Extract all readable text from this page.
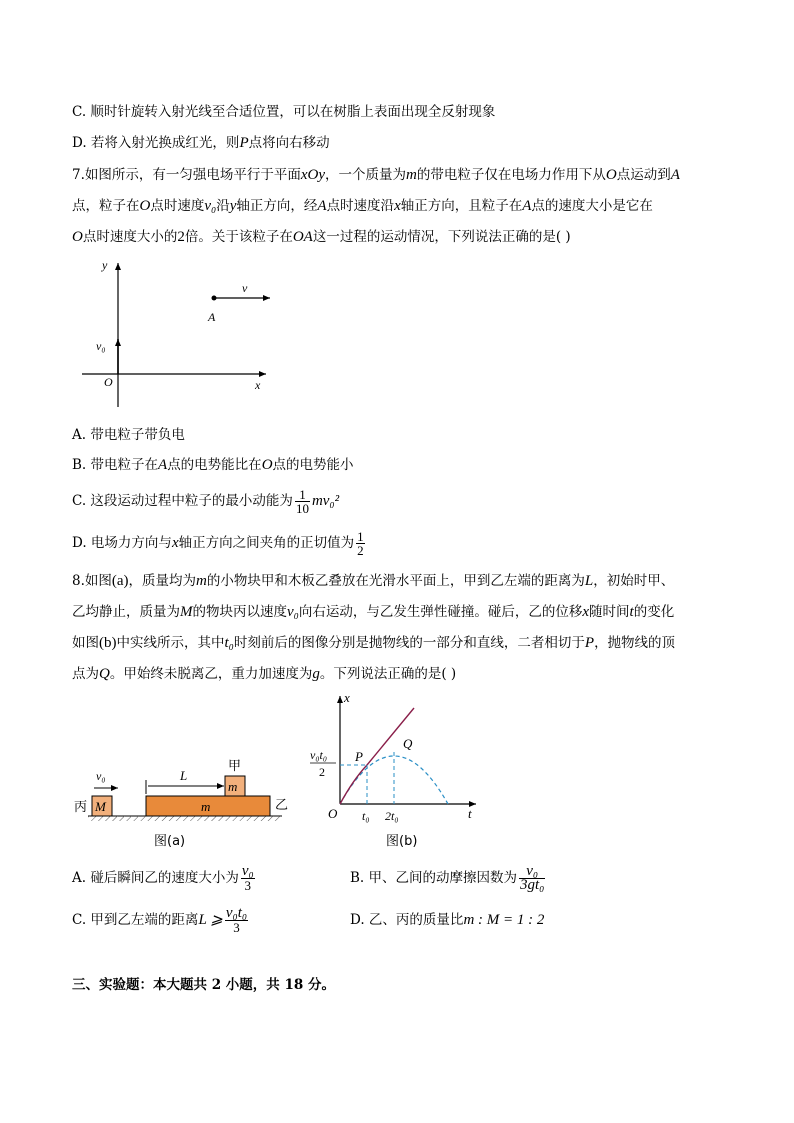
C. 顺时针旋转入射光线至合适位置，可以在树脂上表面出现全反射现象
D. 若将入射光换成红光，则P点将向右移动
7.如图所示，有一匀强电场平行于平面xOy，一个质量为m的带电粒子仅在电场力作用下从O点运动到A
点，粒子在O点时速度v₀沿y轴正方向，经A点时速度沿x轴正方向，且粒子在A点的速度大小是它在
O点时速度大小的2倍。关于该粒子在OA这一过程的运动情况，下列说法正确的是( )
y
v
A
v₀
O	x
A. 带电粒子带负电
B. 带电粒子在A点的电势能比在O点的电势能小
C. 这段运动过程中粒子的最小动能为 $\frac{1}{10} mv_0^2$
D. 电场力方向与x轴正方向之间夹角的正切值为 $\frac{1}{2}$
8.如图(a)，质量均为m的小物块甲和木板乙叠放在光滑水平面上，甲到乙左端的距离为L，初始时甲、
乙均静止，质量为M的物块丙以速度v₀向右运动，与乙发生弹性碰撞。碰后，乙的位移x随时间t的变化
如图(b)中实线所示，其中t₀时刻前后的图像分别是抛物线的一部分和直线，二者相切于P，抛物线的顶
点为Q。甲始终未脱离乙，重力加速度为g。下列说法正确的是( )
v₀	L
甲
m
m
丙 M	乙
图(a)
x
P
Q
v₀t₀
2
O t₀ 2t₀	t
图(b)
A. 碰后瞬间乙的速度大小为 $\frac{\text{v₀}}{3}$	B. 甲、乙间的动摩擦因数为 $\frac{\text{v₀}}{\text{3gt₀}}$
C. 甲到乙左端的距离L ⩾ $\frac{\text{v₀t₀}}{3}$	D. 乙、丙的质量比m : M = 1 : 2
三、实验题：本大题共 2 小题，共 18 分。
